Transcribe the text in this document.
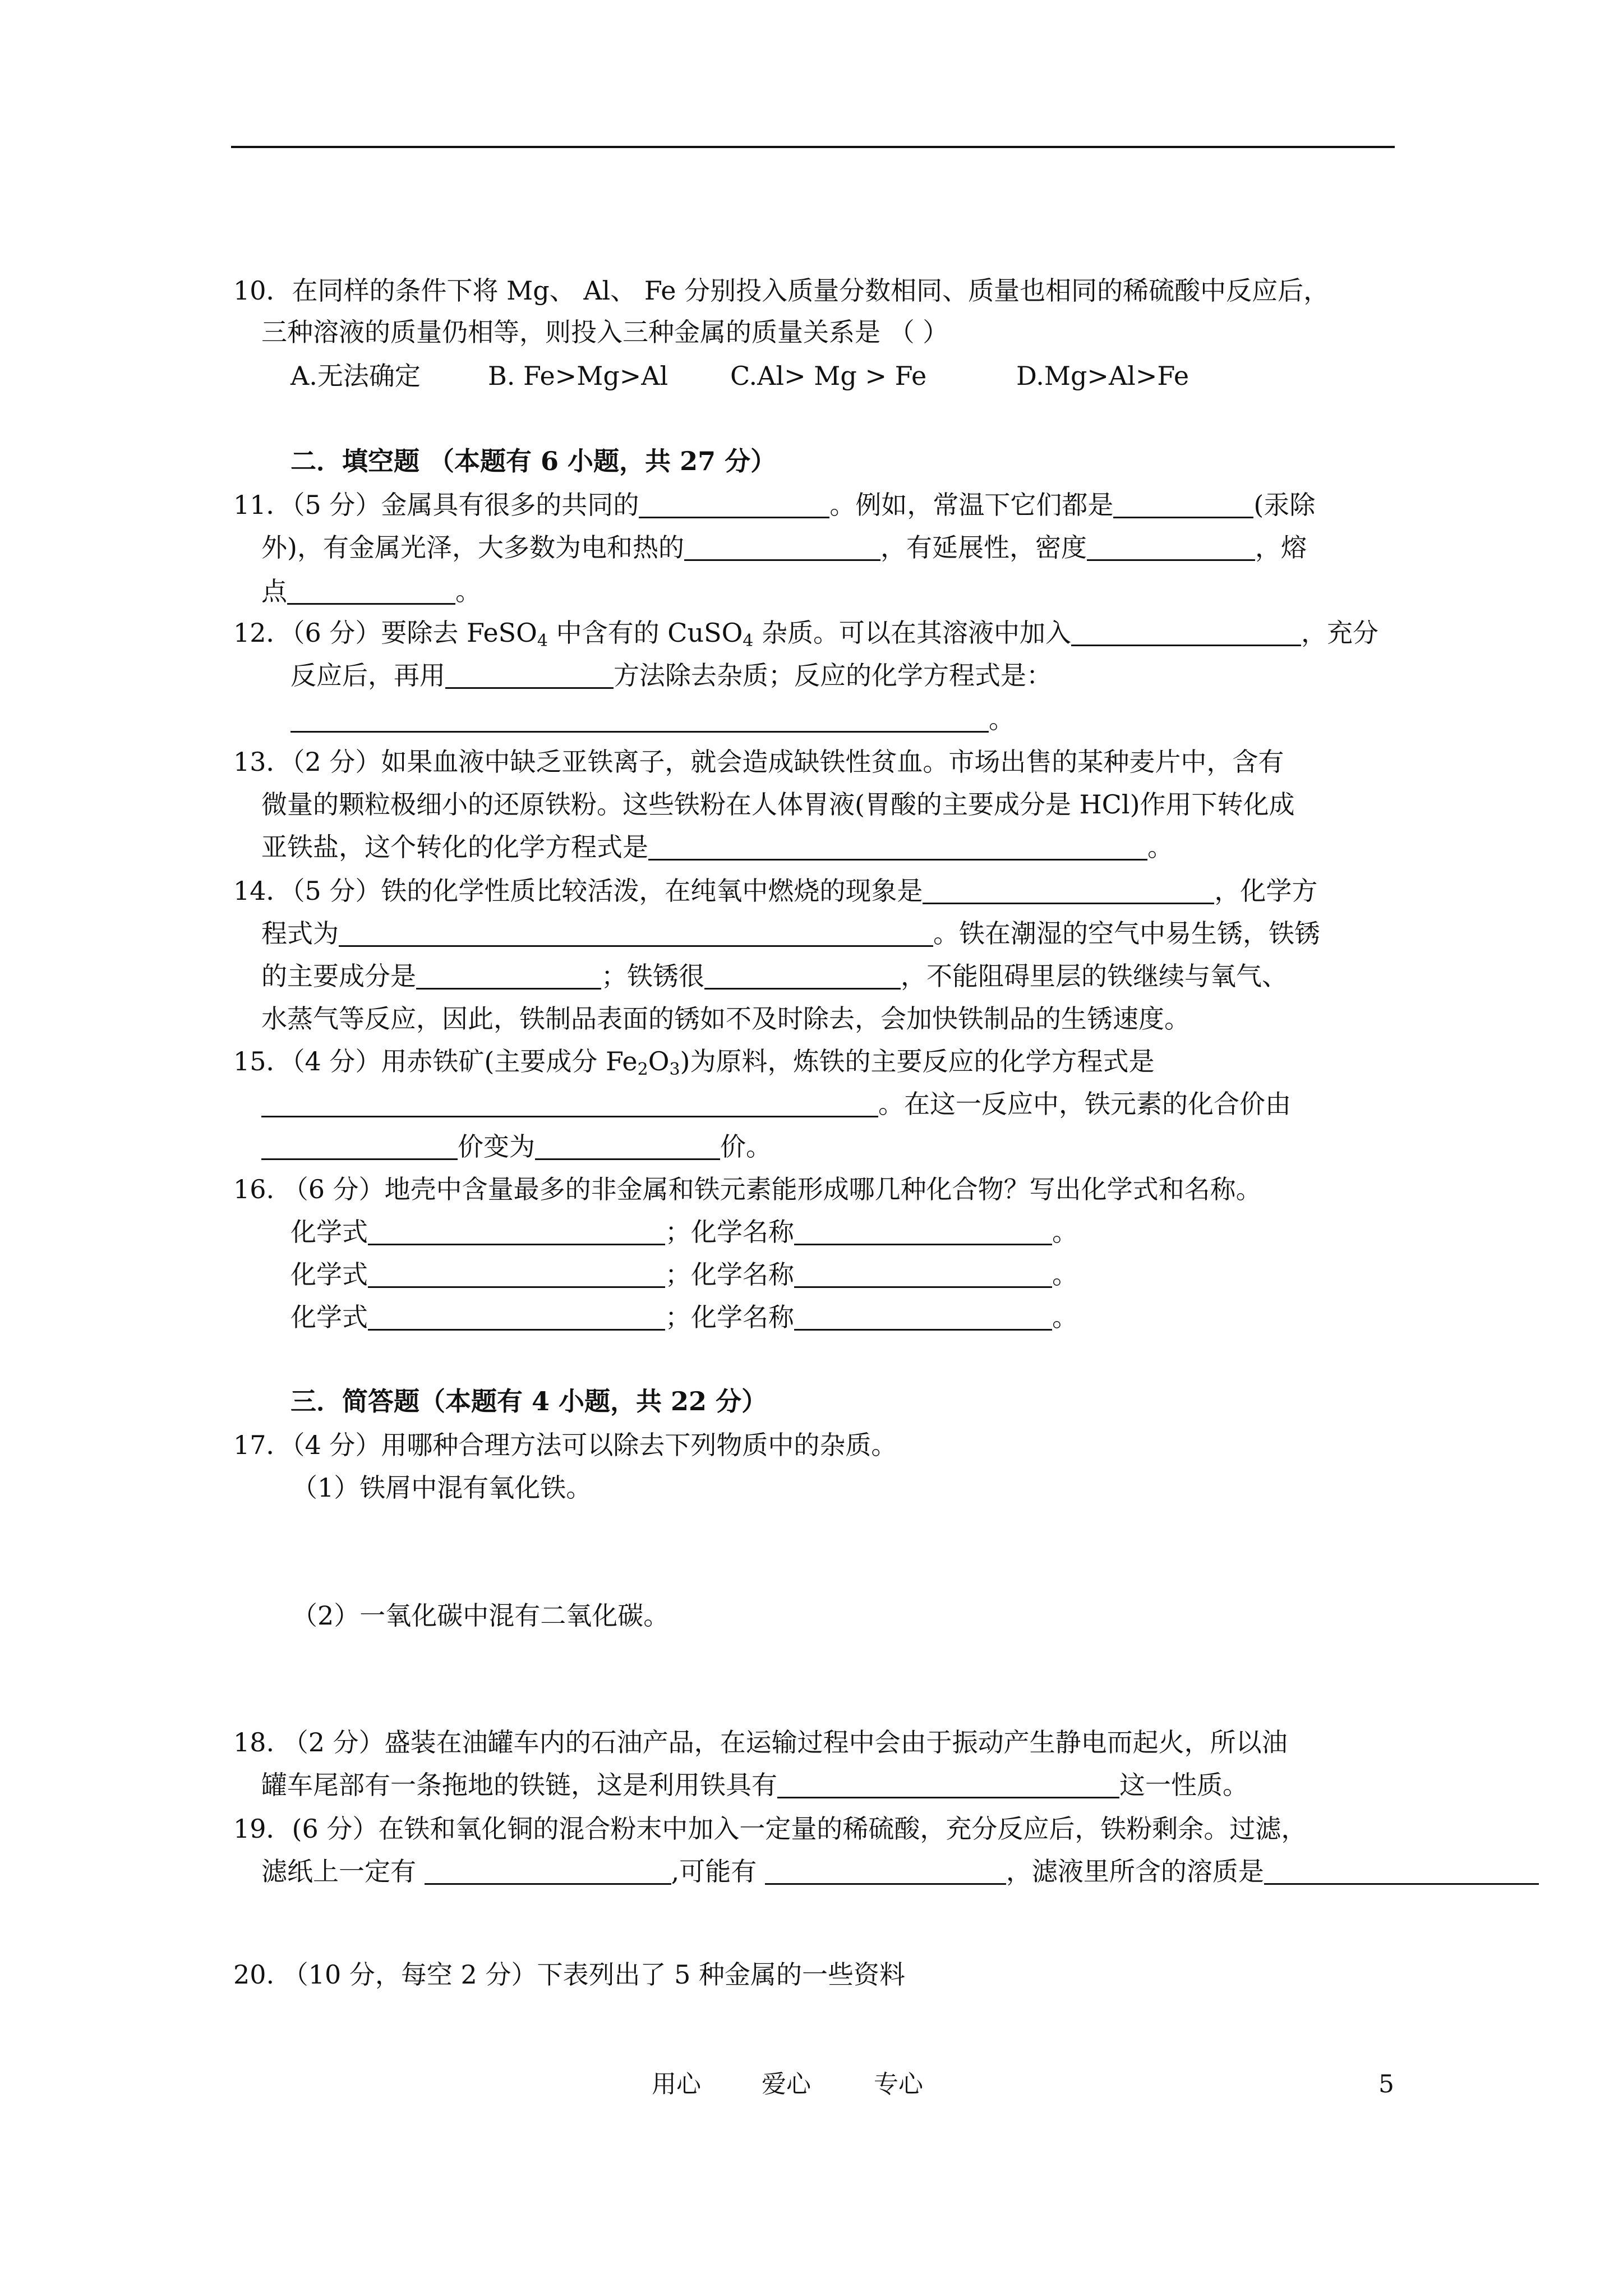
10．在同样的条件下将 Mg、 Al、 Fe 分别投入质量分数相同、质量也相同的稀硫酸中反应后，
三种溶液的质量仍相等，则投入三种金属的质量关系是 （ ）
A.无法确定	B. Fe>Mg>Al C.Al> Mg > Fe	D.Mg>Al>Fe
二．填空题 （本题有 6 小题，共 27 分）
11．（5 分）金属具有很多的共同的	。例如，常温下它们都是	(汞除
外)，有金属光泽，大多数为电和热的	，有延展性，密度	，熔
点	。
12．（6 分）要除去 FeSO$_4$ 中含有的 CuSO$_4$ 杂质。可以在其溶液中加入	，充分
反应后，再用	方法除去杂质；反应的化学方程式是：
。
13．（2 分）如果血液中缺乏亚铁离子，就会造成缺铁性贫血。市场出售的某种麦片中，含有
微量的颗粒极细小的还原铁粉。这些铁粉在人体胃液(胃酸的主要成分是 HCl)作用下转化成
亚铁盐，这个转化的化学方程式是	。
14．（5 分）铁的化学性质比较活泼，在纯氧中燃烧的现象是	，化学方
程式为	。铁在潮湿的空气中易生锈，铁锈
的主要成分是	；铁锈很	，不能阻碍里层的铁继续与氧气、
水蒸气等反应，因此，铁制品表面的锈如不及时除去，会加快铁制品的生锈速度。
15．（4 分）用赤铁矿(主要成分 $Fe_2O_3$)为原料，炼铁的主要反应的化学方程式是
。在这一反应中，铁元素的化合价由
价变为	价。
16. （6 分）地壳中含量最多的非金属和铁元素能形成哪几种化合物？写出化学式和名称。
化学式	；化学名称	。
化学式	；化学名称	。
化学式	；化学名称	。
三．简答题（本题有 4 小题，共 22 分）
17．（4 分）用哪种合理方法可以除去下列物质中的杂质。
（1）铁屑中混有氧化铁。
（2）一氧化碳中混有二氧化碳。
18. （2 分）盛装在油罐车内的石油产品，在运输过程中会由于振动产生静电而起火，所以油
罐车尾部有一条拖地的铁链，这是利用铁具有	这一性质。
19．(6 分）在铁和氧化铜的混合粉末中加入一定量的稀硫酸，充分反应后，铁粉剩余。过滤，
滤纸上一定有	,可能有	，滤液里所含的溶质是
20. （10 分，每空 2 分）下表列出了 5 种金属的一些资料
用心 爱心	专心	5
